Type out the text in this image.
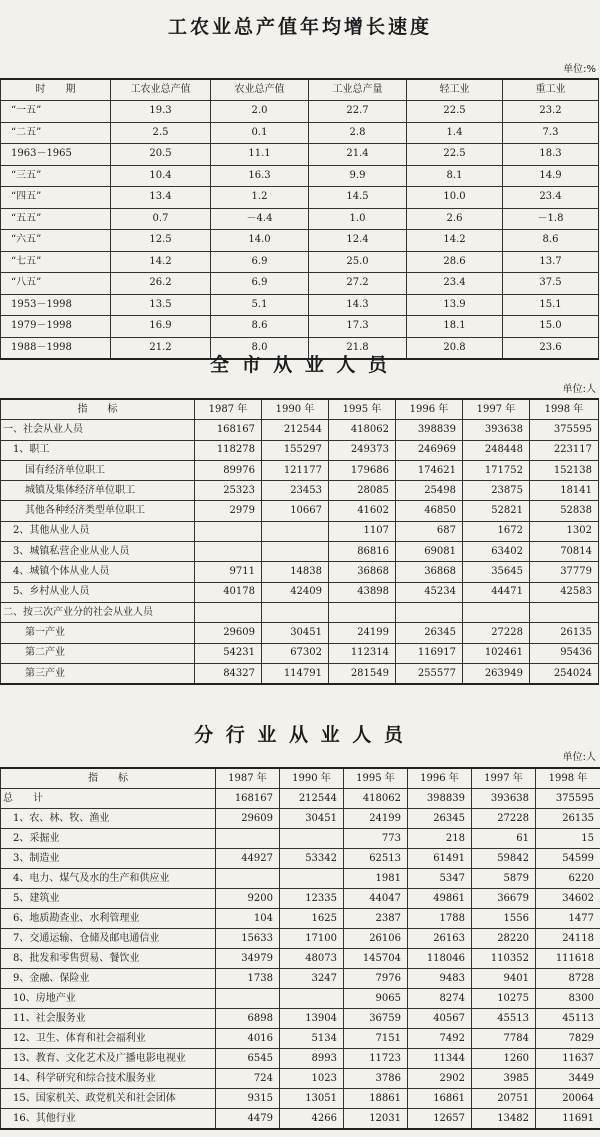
工农业总产值年均增长速度
单位:%
时　　期	工农业总产值	农业总产值	工业总产量	轻工业	重工业
“一五”	19.3	2.0	22.7	22.5	23.2
“二五”	2.5	0.1	2.8	1.4	7.3
1963－1965	20.5	11.1	21.4	22.5	18.3
“三五”	10.4	16.3	9.9	8.1	14.9
“四五”	13.4	1.2	14.5	10.0	23.4
“五五”	0.7	－4.4	1.0	2.6	－1.8
“六五”	12.5	14.0	12.4	14.2	8.6
“七五”	14.2	6.9	25.0	28.6	13.7
“八五”	26.2	6.9	27.2	23.4	37.5
1953－1998	13.5	5.1	14.3	13.9	15.1
1979－1998	16.9	8.6	17.3	18.1	15.0
1988－1998	21.2	8.0	21.8	20.8	23.6
全 市 从 业 人 员
单位:人
指　　标	1987 年	1990 年	1995 年	1996 年	1997 年	1998 年
一、社会从业人员	168167	212544	418062	398839	393638	375595
1、职工	118278	155297	249373	246969	248448	223117
国有经济单位职工	89976	121177	179686	174621	171752	152138
城镇及集体经济单位职工	25323	23453	28085	25498	23875	18141
其他各种经济类型单位职工	2979	10667	41602	46850	52821	52838
2、其他从业人员			1107	687	1672	1302
3、城镇私营企业从业人员			86816	69081	63402	70814
4、城镇个体从业人员	9711	14838	36868	36868	35645	37779
5、乡村从业人员	40178	42409	43898	45234	44471	42583
二、按三次产业分的社会从业人员						
第一产业	29609	30451	24199	26345	27228	26135
第二产业	54231	67302	112314	116917	102461	95436
第三产业	84327	114791	281549	255577	263949	254024
分 行 业 从 业 人 员
单位:人
指　　标	1987 年	1990 年	1995 年	1996 年	1997 年	1998 年
总　　计	168167	212544	418062	398839	393638	375595
1、农、林、牧、渔业	29609	30451	24199	26345	27228	26135
2、采掘业			773	218	61	15
3、制造业	44927	53342	62513	61491	59842	54599
4、电力、煤气及水的生产和供应业			1981	5347	5879	6220
5、建筑业	9200	12335	44047	49861	36679	34602
6、地质勘查业、水利管理业	104	1625	2387	1788	1556	1477
7、交通运输、仓储及邮电通信业	15633	17100	26106	26163	28220	24118
8、批发和零售贸易、餐饮业	34979	48073	145704	118046	110352	111618
9、金融、保险业	1738	3247	7976	9483	9401	8728
10、房地产业			9065	8274	10275	8300
11、社会服务业	6898	13904	36759	40567	45513	45113
12、卫生、体育和社会福利业	4016	5134	7151	7492	7784	7829
13、教育、文化艺术及广播电影电视业	6545	8993	11723	11344	1260	11637
14、科学研究和综合技术服务业	724	1023	3786	2902	3985	3449
15、国家机关、政党机关和社会团体	9315	13051	18861	16861	20751	20064
16、其他行业	4479	4266	12031	12657	13482	11691
